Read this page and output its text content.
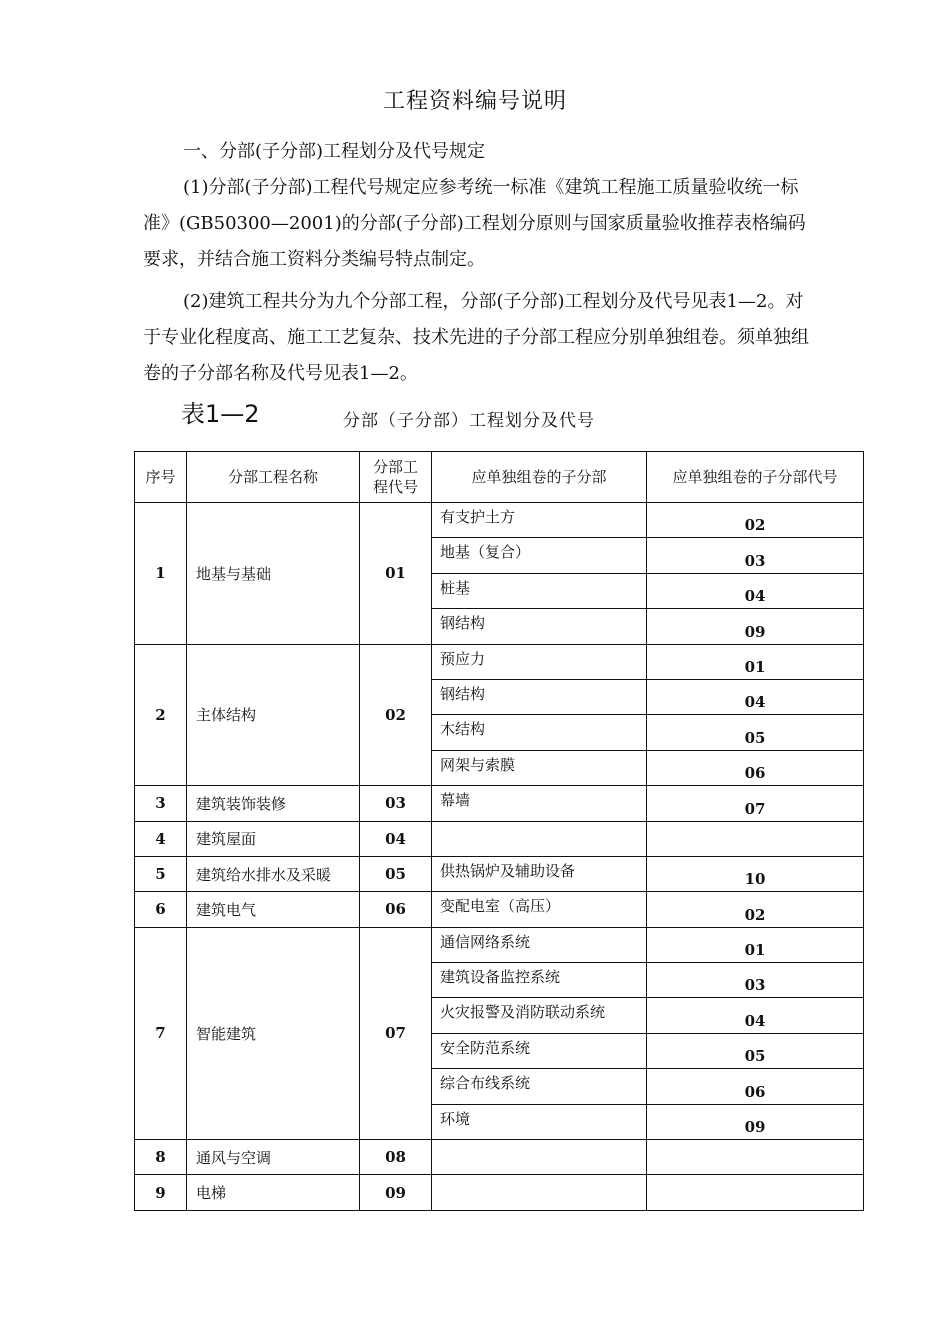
工程资料编号说明
一、分部(子分部)工程划分及代号规定
(1)分部(子分部)工程代号规定应参考统一标准《建筑工程施工质量验收统一标准》(GB50300—2001)的分部(子分部)工程划分原则与国家质量验收推荐表格编码要求，并结合施工资料分类编号特点制定。
(2)建筑工程共分为九个分部工程，分部(子分部)工程划分及代号见表1—2。对于专业化程度高、施工工艺复杂、技术先进的子分部工程应分别单独组卷。须单独组卷的子分部名称及代号见表1—2。
表1—2	分部（子分部）工程划分及代号
序号	分部工程名称	分部工程代号	应单独组卷的子分部	应单独组卷的子分部代号
1	地基与基础	01	有支护土方	02
			地基（复合）	03
			桩基	04
			钢结构	09
2	主体结构	02	预应力	01
			钢结构	04
			木结构	05
			网架与索膜	06
3	建筑装饰装修	03	幕墙	07
4	建筑屋面	04		
5	建筑给水排水及采暖	05	供热锅炉及辅助设备	10
6	建筑电气	06	变配电室（高压）	02
7	智能建筑	07	通信网络系统	01
			建筑设备监控系统	03
			火灾报警及消防联动系统	04
			安全防范系统	05
			综合布线系统	06
			环境	09
8	通风与空调	08		
9	电梯	09		
